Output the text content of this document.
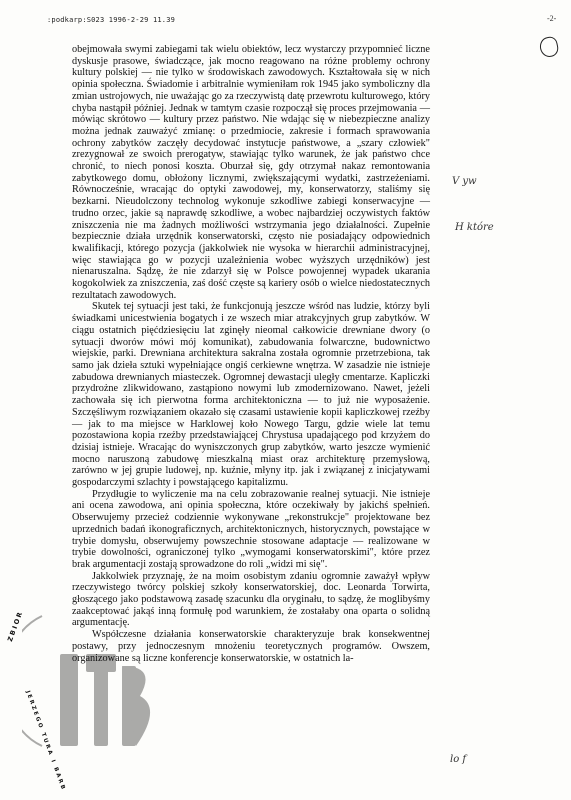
:podkarp:S023 1996-2-29 11.39	-2-

obejmowała swymi zabiegami tak wielu obiektów, lecz wystarczy przypomnieć liczne dyskusje prasowe, świadczące, jak mocno reagowano na różne problemy ochrony kultury polskiej — nie tylko w środowiskach zawodowych. Kształtowała się w nich opinia społeczna. Świadomie i arbitralnie wymieniłam rok 1945 jako symboliczny dla zmian ustrojowych, nie uważając go za rzeczywistą datę przewrotu kulturowego, który chyba nastąpił później. Jednak w tamtym czasie rozpoczął się proces przejmowania — mówiąc skrótowo — kultury przez państwo. Nie wdając się w niebezpieczne analizy można jednak zauważyć zmianę: o przedmiocie, zakresie i formach sprawowania ochrony zabytków zaczęły decydować instytucje państwowe, a „szary człowiek" zrezygnował ze swoich prerogatyw, stawiając tylko warunek, że jak państwo chce chronić, to niech ponosi koszta. Oburzał się, gdy otrzymał nakaz remontowania zabytkowego domu, obłożony licznymi, zwiększającymi wydatki, zastrzeżeniami. Równocześnie, wracając do optyki zawodowej, my, konserwatorzy, staliśmy się bezkarni. Nieudolczony technolog wykonuje szkodliwe zabiegi konserwacyjne — trudno orzec, jakie są naprawdę szkodliwe, a wobec najbardziej oczywistych faktów zniszczenia nie ma żadnych możliwości wstrzymania jego działalności. Zupełnie bezpiecznie działa urzędnik konserwatorski, często nie posiadający odpowiednich kwalifikacji, którego pozycja (jakkolwiek nie wysoka w hierarchii administracyjnej, więc stawiająca go w pozycji uzależnienia wobec wyższych urzędników) jest nienaruszalna. Sądzę, że nie zdarzył się w Polsce powojennej wypadek ukarania kogokolwiek za zniszczenia, zaś dość częste są kariery osób o wielce niedostatecznych rezultatach zawodowych.

Skutek tej sytuacji jest taki, że funkcjonują jeszcze wśród nas ludzie, którzy byli świadkami unicestwienia bogatych i ze wszech miar atrakcyjnych grup zabytków. W ciągu ostatnich pięćdziesięciu lat zginęły nieomal całkowicie drewniane dwory (o sytuacji dworów mówi mój komunikat), zabudowania folwarczne, budownictwo wiejskie, parki. Drewniana architektura sakralna została ogromnie przetrzebiona, tak samo jak dzieła sztuki wypełniające ongiś cerkiewne wnętrza. W zasadzie nie istnieje zabudowa drewnianych miasteczek. Ogromnej dewastacji uległy cmentarze. Kapliczki przydrożne zlikwidowano, zastąpiono nowymi lub zmodernizowano. Nawet, jeżeli zachowała się ich pierwotna forma architektoniczna — to już nie wyposażenie. Szczęśliwym rozwiązaniem okazało się czasami ustawienie kopii kapliczkowej rzeźby — jak to ma miejsce w Harklowej koło Nowego Targu, gdzie wiele lat temu pozostawiona kopia rzeźby przedstawiającej Chrystusa upadającego pod krzyżem do dzisiaj istnieje. Wracając do wyniszczonych grup zabytków, warto jeszcze wymienić mocno naruszoną zabudowę mieszkalną miast oraz architekturę przemysłową, zarówno w jej grupie ludowej, np. kuźnie, młyny itp. jak i związanej z inicjatywami gospodarczymi szlachty i powstającego kapitalizmu.

Przydługie to wyliczenie ma na celu zobrazowanie realnej sytuacji. Nie istnieje ani ocena zawodowa, ani opinia społeczna, które oczekiwały by jakichś spełnień. Obserwujemy przecież codziennie wykonywane „rekonstrukcje" projektowane bez uprzednich badań ikonograficznych, architektonicznych, historycznych, powstające w trybie domysłu, obserwujemy powszechnie stosowane adaptacje — realizowane w trybie dowolności, ograniczonej tylko „wymogami konserwatorskimi", które przez brak argumentacji zostają sprowadzone do roli „widzi mi się".

Jakkolwiek przyznaję, że na moim osobistym zdaniu ogromnie zaważył wpływ rzeczywistego twórcy polskiej szkoły konserwatorskiej, doc. Leonarda Torwirta, głoszącego jako podstawową zasadę szacunku dla oryginału, to sądzę, że moglibyśmy zaakceptować jakąś inną formułę pod warunkiem, że zostałaby ona oparta o solidną argumentację.

Współczesne działania konserwatorskie charakteryzuje brak konsekwentnej postawy, przy jednoczesnym mnożeniu teoretycznych programów. Owszem, organizowane są liczne konferencje konserwatorskie, w ostatnich la-

V yw
H które
lo f
ZBIOR
JERZEGO TURA I BARB
